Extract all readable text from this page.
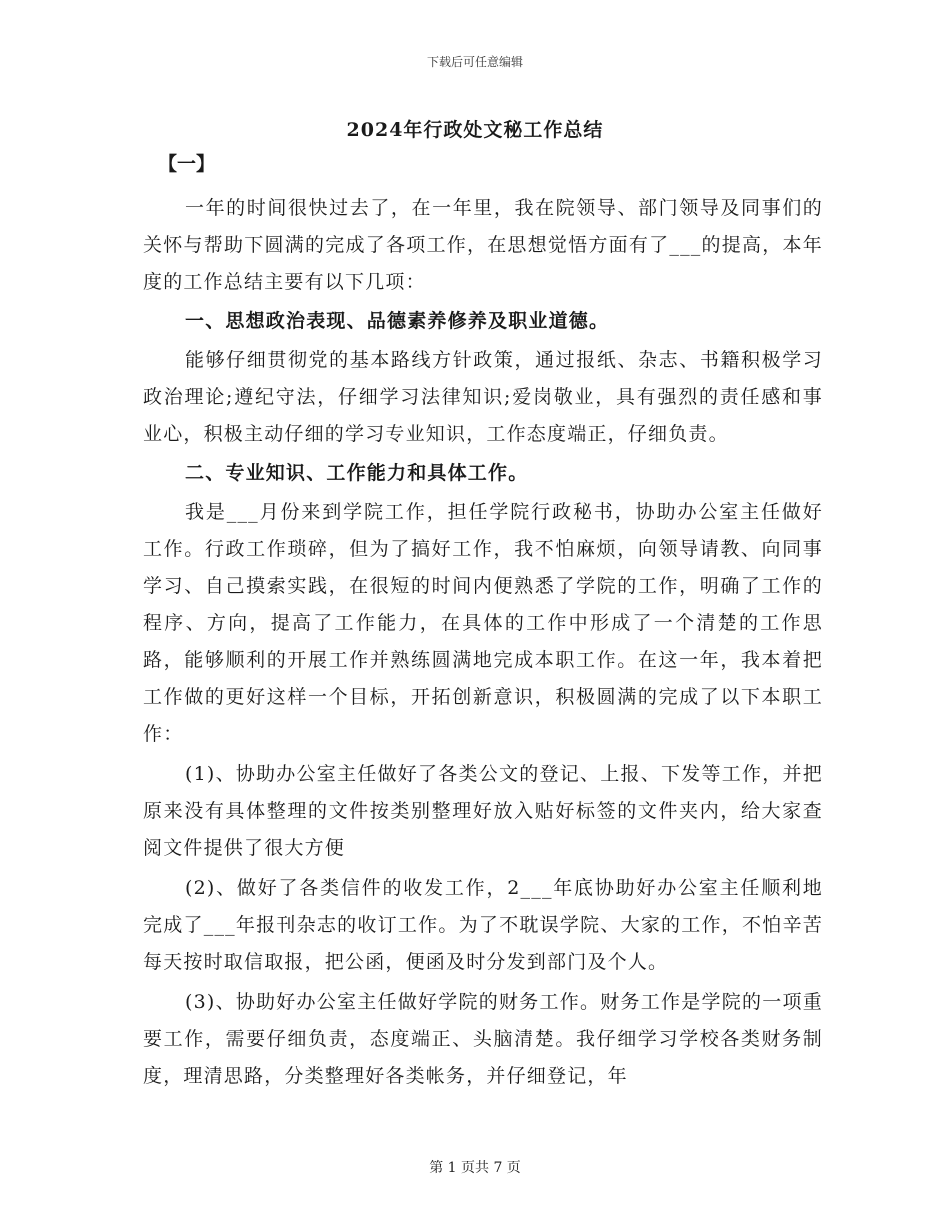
下载后可任意编辑
2024年行政处文秘工作总结
【一】

一年的时间很快过去了，在一年里，我在院领导、部门领导及同事们的关怀与帮助下圆满的完成了各项工作，在思想觉悟方面有了___的提高，本年度的工作总结主要有以下几项：

一、思想政治表现、品德素养修养及职业道德。

能够仔细贯彻党的基本路线方针政策，通过报纸、杂志、书籍积极学习政治理论;遵纪守法，仔细学习法律知识;爱岗敬业，具有强烈的责任感和事业心，积极主动仔细的学习专业知识，工作态度端正，仔细负责。

二、专业知识、工作能力和具体工作。

我是___月份来到学院工作，担任学院行政秘书，协助办公室主任做好工作。行政工作琐碎，但为了搞好工作，我不怕麻烦，向领导请教、向同事学习、自己摸索实践，在很短的时间内便熟悉了学院的工作，明确了工作的程序、方向，提高了工作能力，在具体的工作中形成了一个清楚的工作思路，能够顺利的开展工作并熟练圆满地完成本职工作。在这一年，我本着把工作做的更好这样一个目标，开拓创新意识，积极圆满的完成了以下本职工作：

(1)、协助办公室主任做好了各类公文的登记、上报、下发等工作，并把原来没有具体整理的文件按类别整理好放入贴好标签的文件夹内，给大家查阅文件提供了很大方便

(2)、做好了各类信件的收发工作，2___年底协助好办公室主任顺利地完成了___年报刊杂志的收订工作。为了不耽误学院、大家的工作，不怕辛苦每天按时取信取报，把公函，便函及时分发到部门及个人。

(3)、协助好办公室主任做好学院的财务工作。财务工作是学院的一项重要工作，需要仔细负责，态度端正、头脑清楚。我仔细学习学校各类财务制度，理清思路，分类整理好各类帐务，并仔细登记，年

第 1 页共 7 页
